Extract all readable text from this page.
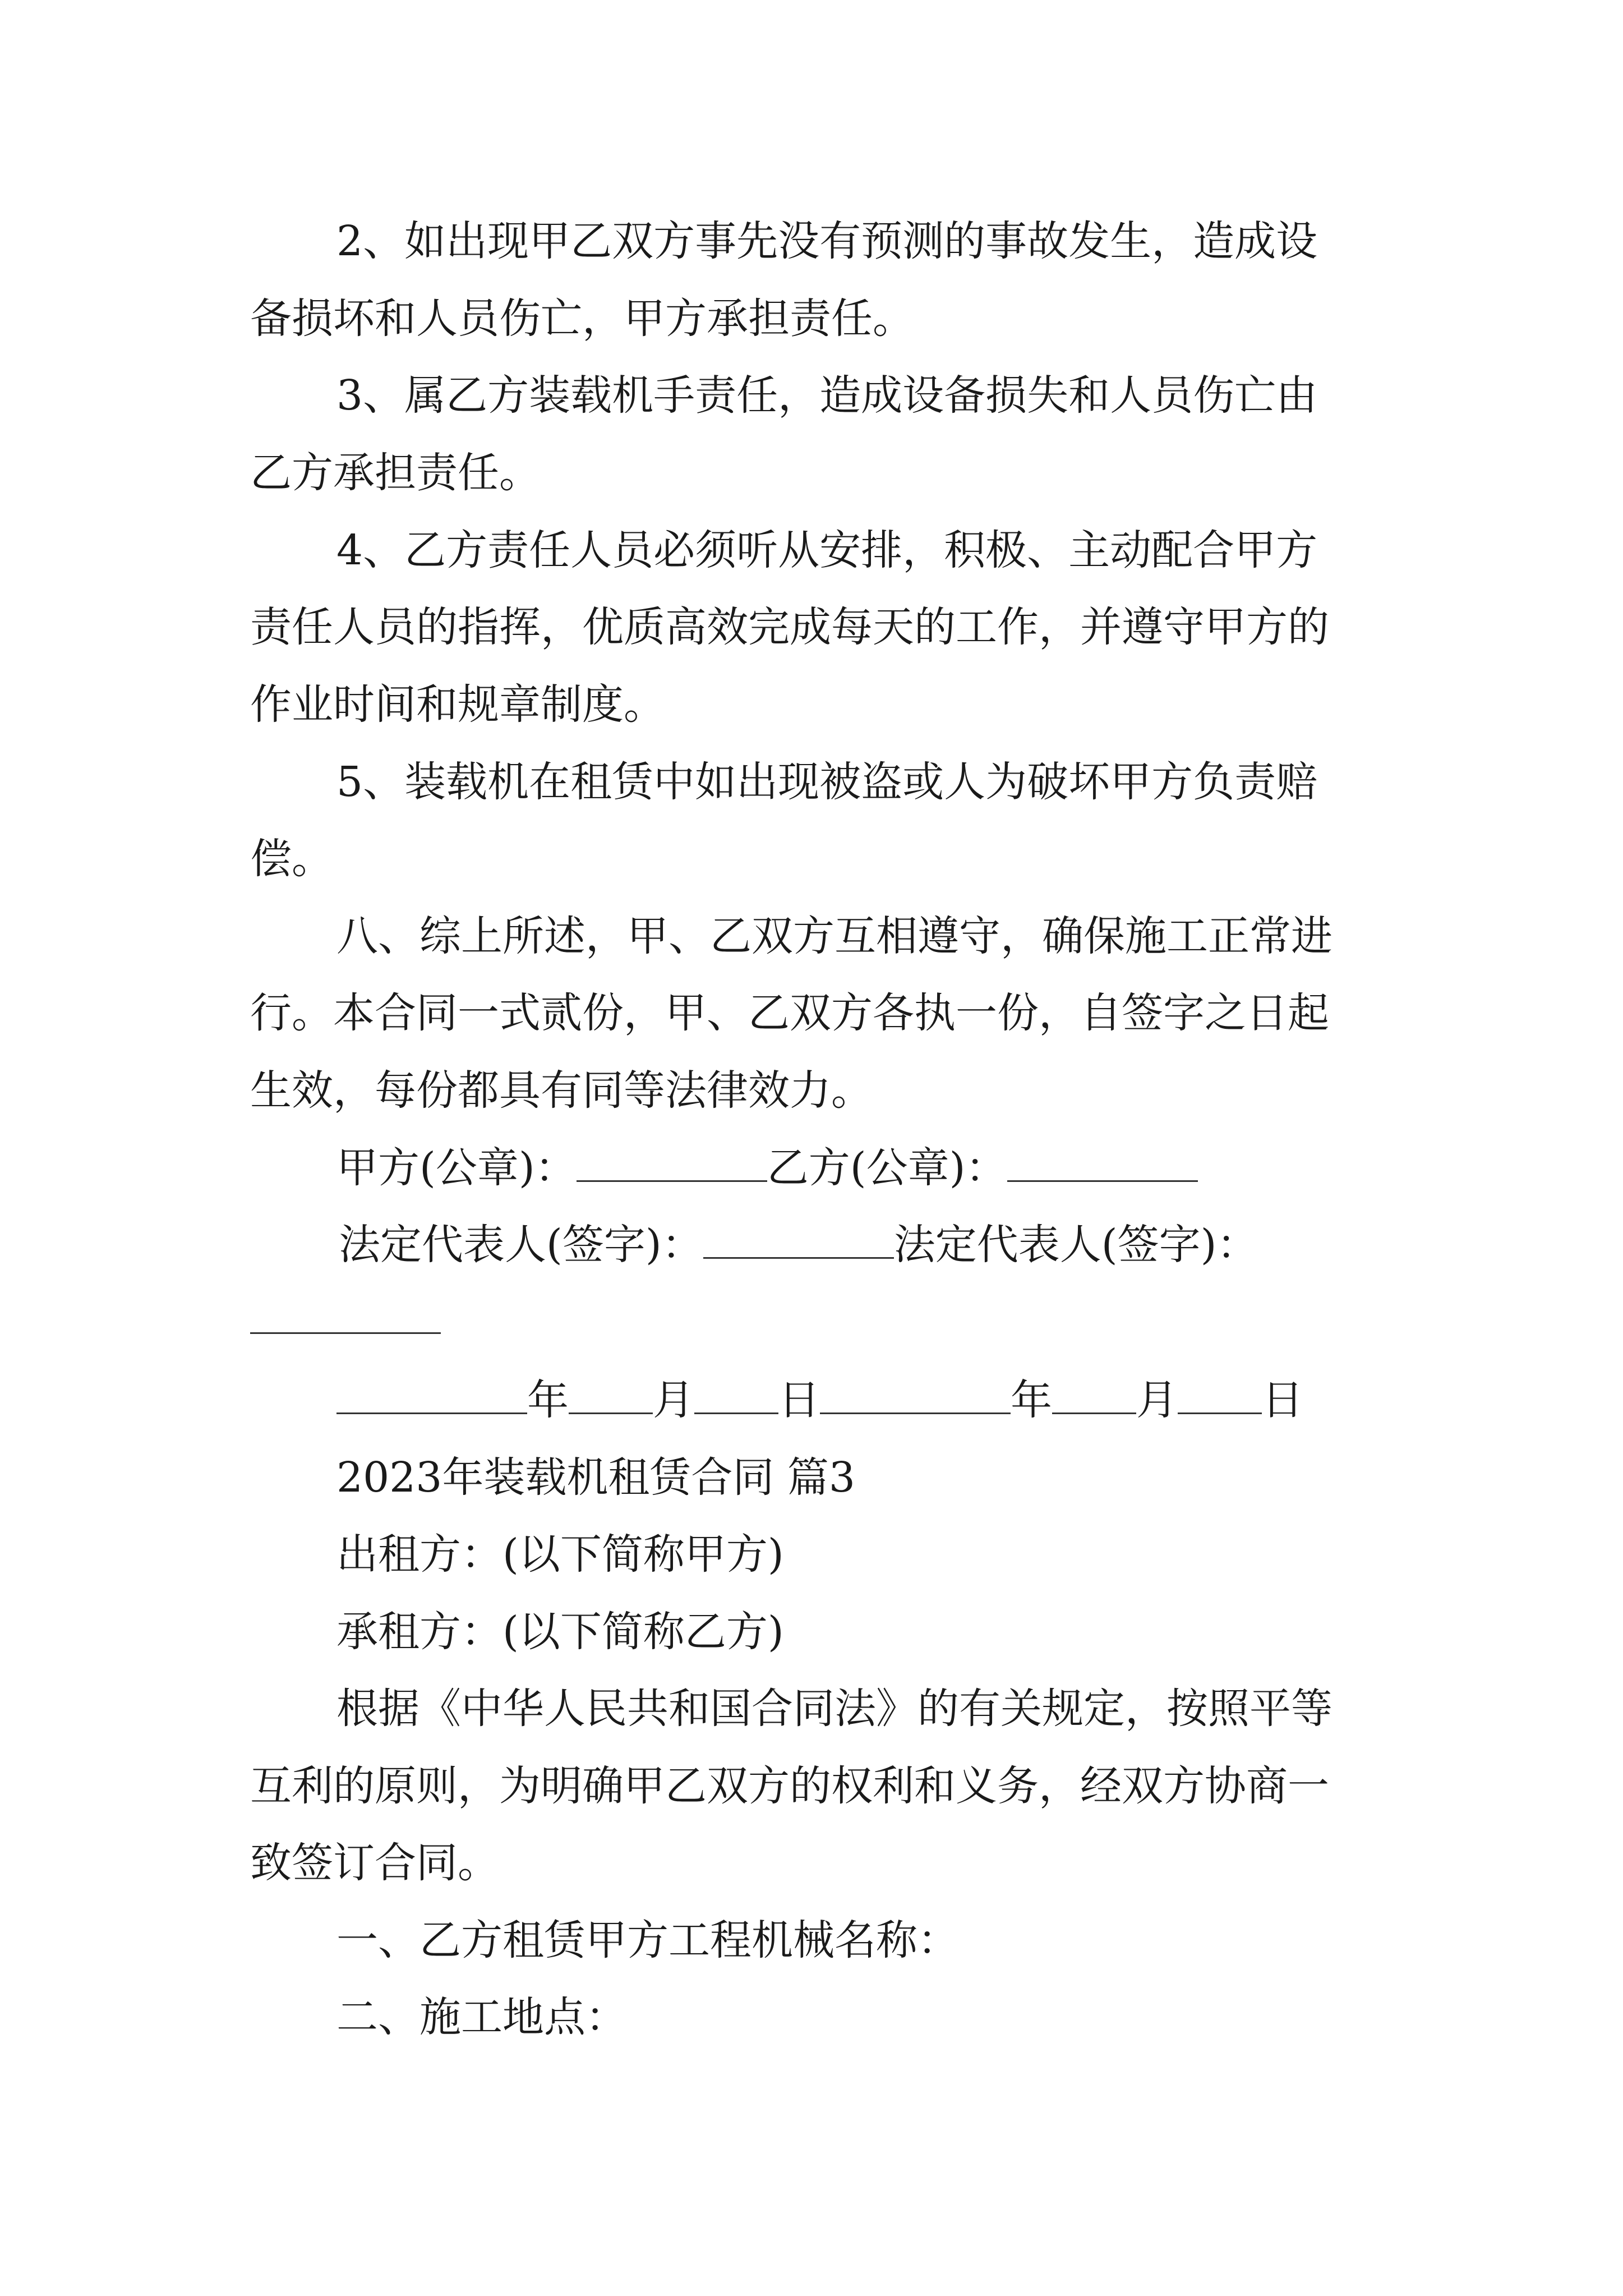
2、如出现甲乙双方事先没有预测的事故发生，造成设
备损坏和人员伤亡，甲方承担责任。
3、属乙方装载机手责任，造成设备损失和人员伤亡由
乙方承担责任。
4、乙方责任人员必须听从安排，积极、主动配合甲方
责任人员的指挥，优质高效完成每天的工作，并遵守甲方的
作业时间和规章制度。
5、装载机在租赁中如出现被盗或人为破坏甲方负责赔
偿。
八、综上所述，甲、乙双方互相遵守，确保施工正常进
行。本合同一式贰份，甲、乙双方各执一份，自签字之日起
生效，每份都具有同等法律效力。
甲方(公章)：	乙方(公章)：
法定代表人(签字)：	法定代表人(签字)：
年 月 日	年 月 日
2023年装载机租赁合同 篇3
出租方：(以下简称甲方)
承租方：(以下简称乙方)
根据《中华人民共和国合同法》的有关规定，按照平等
互利的原则，为明确甲乙双方的权利和义务，经双方协商一
致签订合同。
一、乙方租赁甲方工程机械名称：
二、施工地点：
